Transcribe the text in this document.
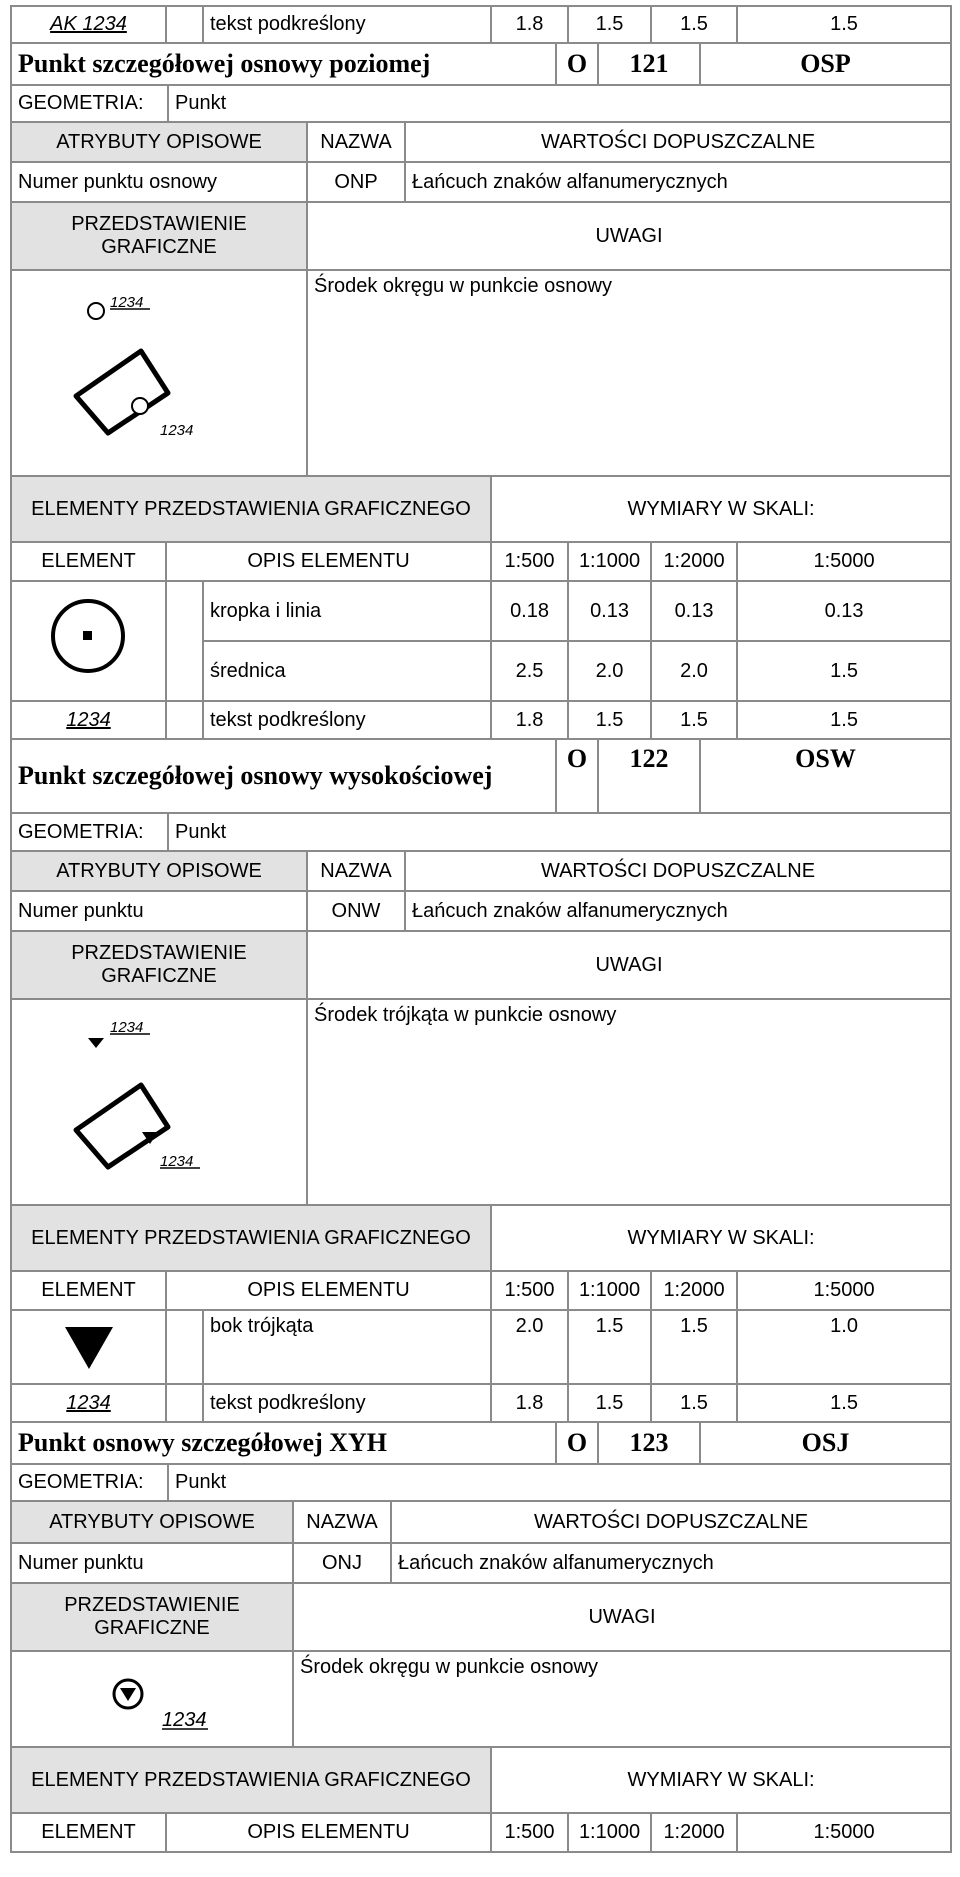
AK 1234		tekst podkreślony	1.8	1.5	1.5	1.5
Punkt szczegółowej osnowy poziomej	O	121	OSP
GEOMETRIA:	Punkt
ATRYBUTY OPISOWE	NAZWA	WARTOŚCI DOPUSZCZALNE
Numer punktu osnowy	ONP	Łańcuch znaków alfanumerycznych
PRZEDSTAWIENIE GRAFICZNE	UWAGI

1234
1234	Środek okręgu w punkcie osnowy
ELEMENTY PRZEDSTAWIENIA GRAFICZNEGO			WYMIARY W SKALI:			
ELEMENT	OPIS ELEMENTU		1:500	1:1000	1:2000	1:5000
		kropka i linia	0.18	0.13	0.13	0.13
		średnica	2.5	2.0	2.0	1.5
1234		tekst podkreślony	1.8	1.5	1.5	1.5
Punkt szczegółowej osnowy wysokościowej	O	122	OSW
GEOMETRIA:	Punkt
ATRYBUTY OPISOWE	NAZWA	WARTOŚCI DOPUSZCZALNE
Numer punktu	ONW	Łańcuch znaków alfanumerycznych
PRZEDSTAWIENIE GRAFICZNE	UWAGI

1234
1234	Środek trójkąta w punkcie osnowy
ELEMENTY PRZEDSTAWIENIA GRAFICZNEGO			WYMIARY W SKALI:			
ELEMENT	OPIS ELEMENTU		1:500	1:1000	1:2000	1:5000
		bok trójkąta	2.0	1.5	1.5	1.0
1234		tekst podkreślony	1.8	1.5	1.5	1.5
Punkt osnowy szczegółowej XYH	O	123	OSJ
GEOMETRIA:	Punkt
ATRYBUTY OPISOWE	NAZWA	WARTOŚCI DOPUSZCZALNE
Numer punktu	ONJ	Łańcuch znaków alfanumerycznych
PRZEDSTAWIENIE GRAFICZNE	UWAGI

1234	Środek okręgu w punkcie osnowy
ELEMENTY PRZEDSTAWIENIA GRAFICZNEGO		WYMIARY W SKALI:			
ELEMENT	OPIS ELEMENTU	1:500	1:1000	1:2000	1:5000
